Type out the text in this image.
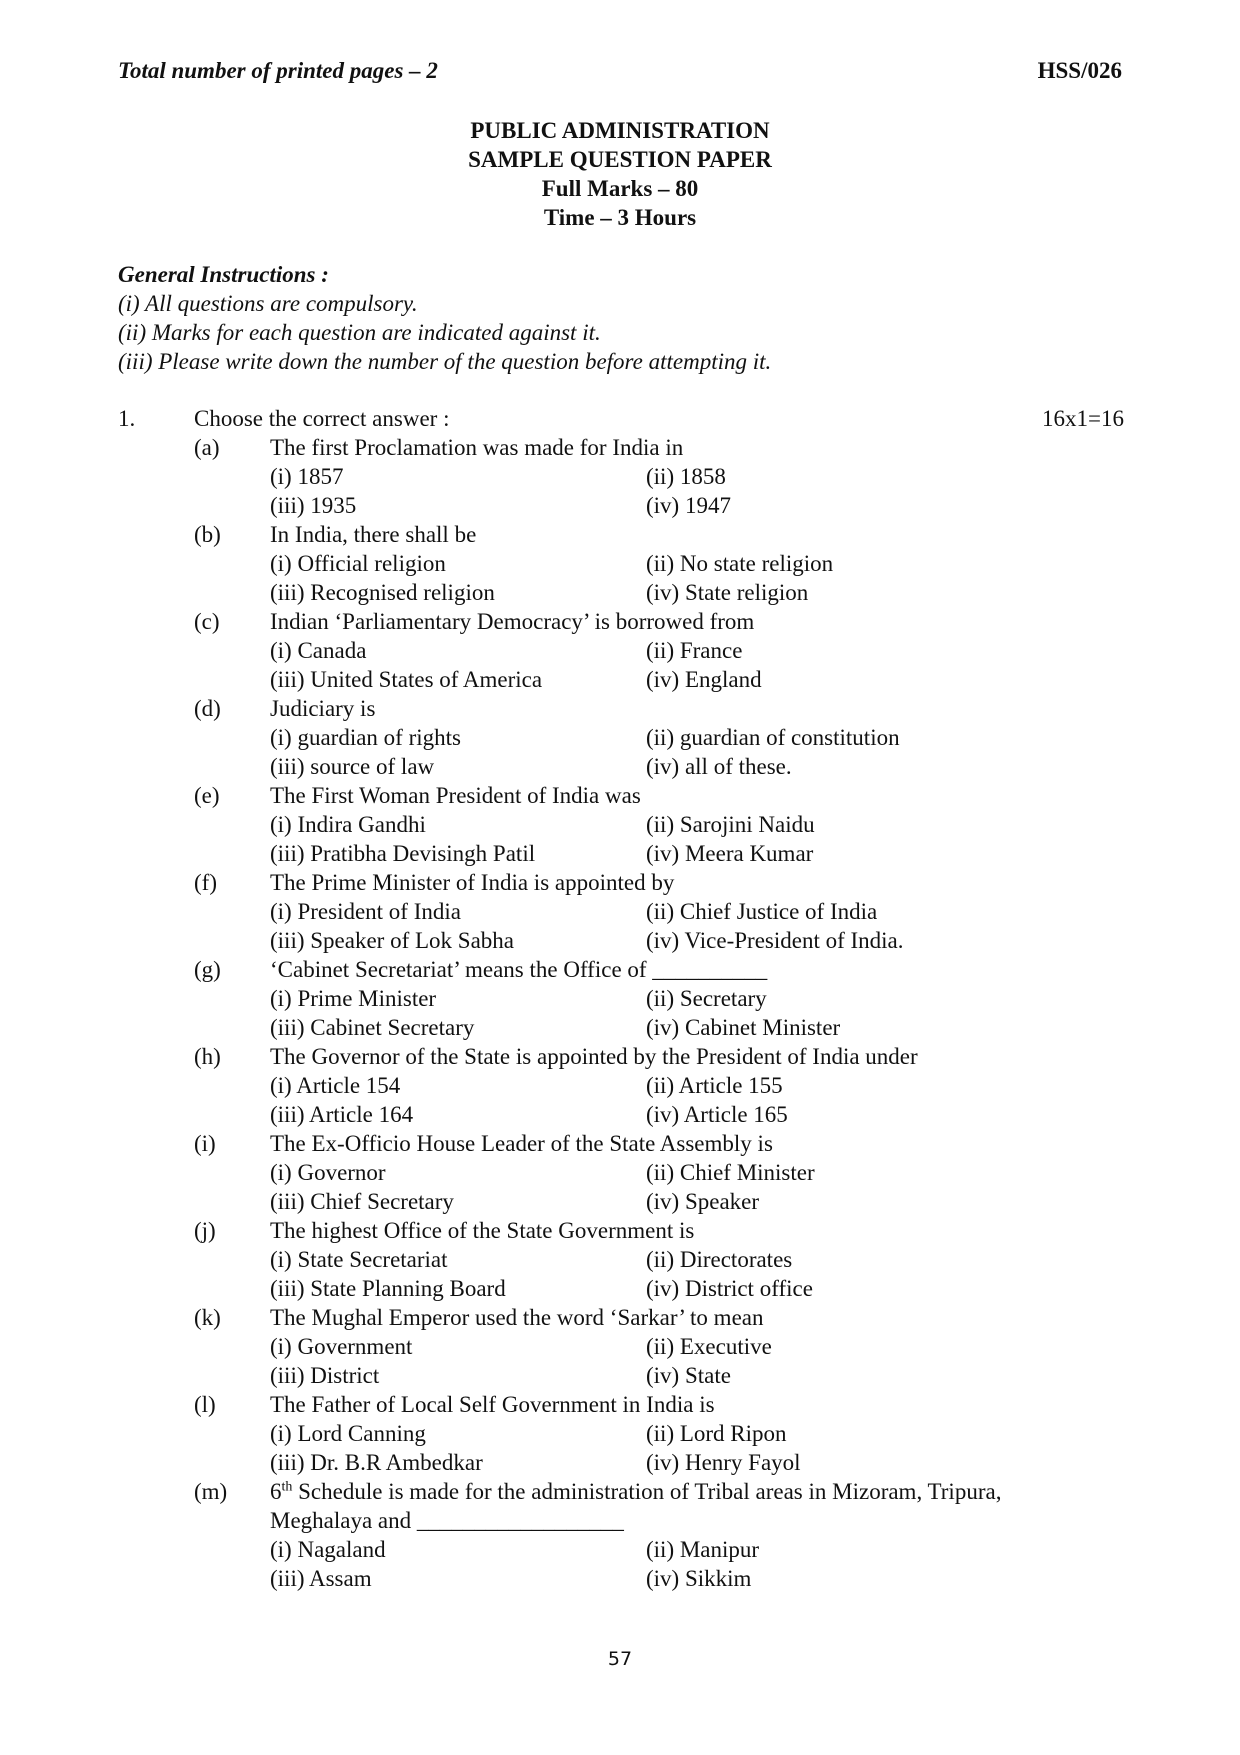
Total number of printed pages – 2	HSS/026
PUBLIC ADMINISTRATION
SAMPLE QUESTION PAPER
Full Marks – 80
Time – 3 Hours
General Instructions :
(i) All questions are compulsory.
(ii) Marks for each question are indicated against it.
(iii) Please write down the number of the question before attempting it.
1.	Choose the correct answer :	16x1=16
(a) The first Proclamation was made for India in
(i) 1857	(ii) 1858
(iii) 1935	(iv) 1947
(b) In India, there shall be
(i) Official religion	(ii) No state religion
(iii) Recognised religion	(iv) State religion
(c) Indian ‘Parliamentary Democracy’ is borrowed from
(i) Canada	(ii) France
(iii) United States of America	(iv) England
(d) Judiciary is
(i) guardian of rights	(ii) guardian of constitution
(iii) source of law	(iv) all of these.
(e) The First Woman President of India was
(i) Indira Gandhi	(ii) Sarojini Naidu
(iii) Pratibha Devisingh Patil	(iv) Meera Kumar
(f) The Prime Minister of India is appointed by
(i) President of India	(ii) Chief Justice of India
(iii) Speaker of Lok Sabha	(iv) Vice-President of India.
(g) ‘Cabinet Secretariat’ means the Office of __________
(i) Prime Minister	(ii) Secretary
(iii) Cabinet Secretary	(iv) Cabinet Minister
(h) The Governor of the State is appointed by the President of India under
(i) Article 154	(ii) Article 155
(iii) Article 164	(iv) Article 165
(i) The Ex-Officio House Leader of the State Assembly is
(i) Governor	(ii) Chief Minister
(iii) Chief Secretary	(iv) Speaker
(j) The highest Office of the State Government is
(i) State Secretariat	(ii) Directorates
(iii) State Planning Board	(iv) District office
(k) The Mughal Emperor used the word ‘Sarkar’ to mean
(i) Government	(ii) Executive
(iii) District	(iv) State
(l) The Father of Local Self Government in India is
(i) Lord Canning	(ii) Lord Ripon
(iii) Dr. B.R Ambedkar	(iv) Henry Fayol
(m) 6th Schedule is made for the administration of Tribal areas in Mizoram, Tripura,
Meghalaya and __________________
(i) Nagaland	(ii) Manipur
(iii) Assam	(iv) Sikkim
57
